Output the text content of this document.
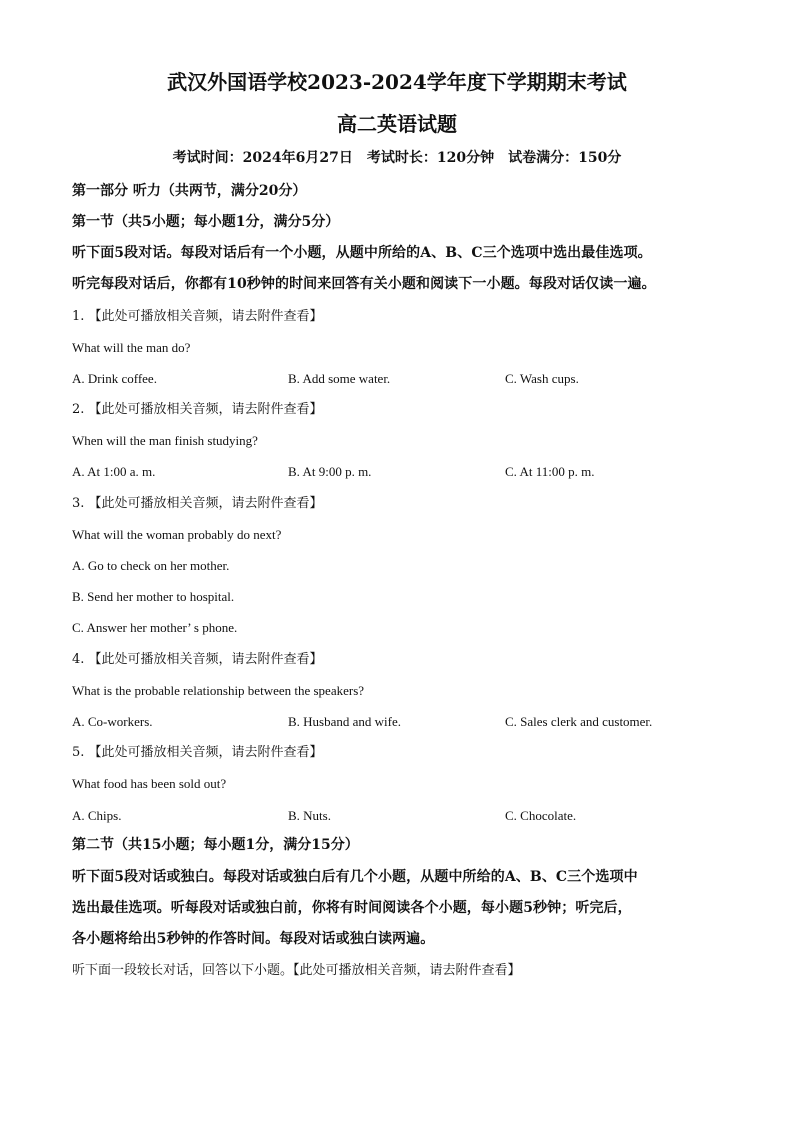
武汉外国语学校2023-2024学年度下学期期末考试
高二英语试题
考试时间：2024年6月27日　考试时长：120分钟　试卷满分：150分
第一部分 听力（共两节，满分20分）
第一节（共5小题；每小题1分，满分5分）
听下面5段对话。每段对话后有一个小题，从题中所给的A、B、C三个选项中选出最佳选项。
听完每段对话后，你都有10秒钟的时间来回答有关小题和阅读下一小题。每段对话仅读一遍。
1. 【此处可播放相关音频，请去附件查看】
What will the man do?
A. Drink coffee.	B. Add some water.	C. Wash cups.
2. 【此处可播放相关音频，请去附件查看】
When will the man finish studying?
A. At 1:00 a. m.	B. At 9:00 p. m.	C. At 11:00 p. m.
3. 【此处可播放相关音频，请去附件查看】
What will the woman probably do next?
A. Go to check on her mother.
B. Send her mother to hospital.
C. Answer her mother’ s phone.
4. 【此处可播放相关音频，请去附件查看】
What is the probable relationship between the speakers?
A. Co-workers.	B. Husband and wife.	C. Sales clerk and customer.
5. 【此处可播放相关音频，请去附件查看】
What food has been sold out?
A. Chips.	B. Nuts.	C. Chocolate.
第二节（共15小题；每小题1分，满分15分）
听下面5段对话或独白。每段对话或独白后有几个小题，从题中所给的A、B、C三个选项中
选出最佳选项。听每段对话或独白前，你将有时间阅读各个小题，每小题5秒钟；听完后，
各小题将给出5秒钟的作答时间。每段对话或独白读两遍。
听下面一段较长对话，回答以下小题。【此处可播放相关音频，请去附件查看】
